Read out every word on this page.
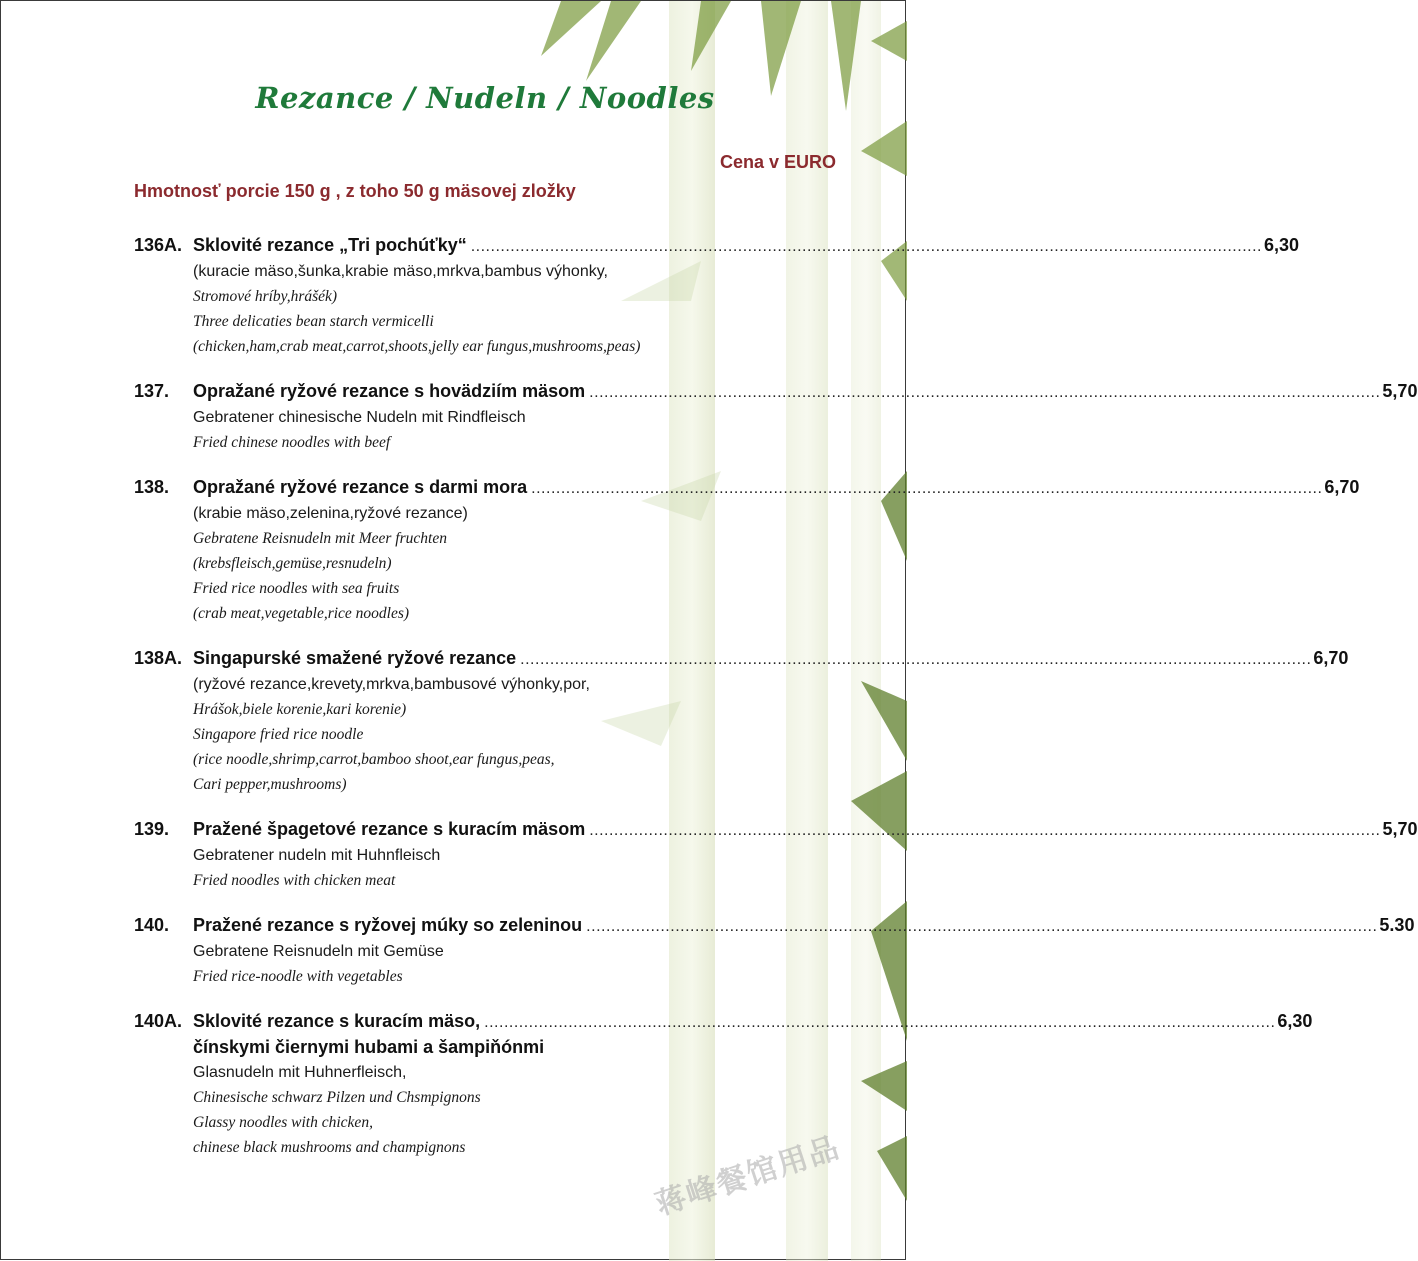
Rezance / Nudeln / Noodles
Cena v EURO
Hmotnosť porcie 150 g , z toho 50 g mäsovej zložky
136A. Sklovité rezance „Tri pochúťky“ ................................................................................................................................................................ 6,30
(kuracie mäso,šunka,krabie mäso,mrkva,bambus výhonky,
Stromové hríby,hrášék)
Three delicaties bean starch vermicelli
(chicken,ham,crab meat,carrot,shoots,jelly ear fungus,mushrooms,peas)
137.	Opražané ryžové rezance s hovädziím mäsom ................................................................................................................................................................ 5,70
Gebratener chinesische Nudeln mit Rindfleisch
Fried chinese noodles with beef
138.	Opražané ryžové rezance s darmi mora ................................................................................................................................................................ 6,70
(krabie mäso,zelenina,ryžové rezance)
Gebratene Reisnudeln mit Meer fruchten
(krebsfleisch,gemüse,resnudeln)
Fried rice noodles with sea fruits
(crab meat,vegetable,rice noodles)
138A. Singapurské smažené ryžové rezance ................................................................................................................................................................ 6,70
(ryžové rezance,krevety,mrkva,bambusové výhonky,por,
Hrášok,biele korenie,kari korenie)
Singapore fried rice noodle
(rice noodle,shrimp,carrot,bamboo shoot,ear fungus,peas,
Cari pepper,mushrooms)
139.	Pražené špagetové rezance s kuracím mäsom ................................................................................................................................................................ 5,70
Gebratener nudeln mit Huhnfleisch
Fried noodles with chicken meat
140.	Pražené rezance s ryžovej múky so zeleninou ................................................................................................................................................................ 5.30
Gebratene Reisnudeln mit Gemüse
Fried rice-noodle with vegetables
140A. Sklovité rezance s kuracím mäso, ................................................................................................................................................................ 6,30
čínskymi čiernymi hubami a šampiňónmi
Glasnudeln mit Huhnerfleisch,
Chinesische schwarz Pilzen und Chsmpignons
Glassy noodles with chicken,
chinese black mushrooms and champignons	蒋峰餐馆用品
